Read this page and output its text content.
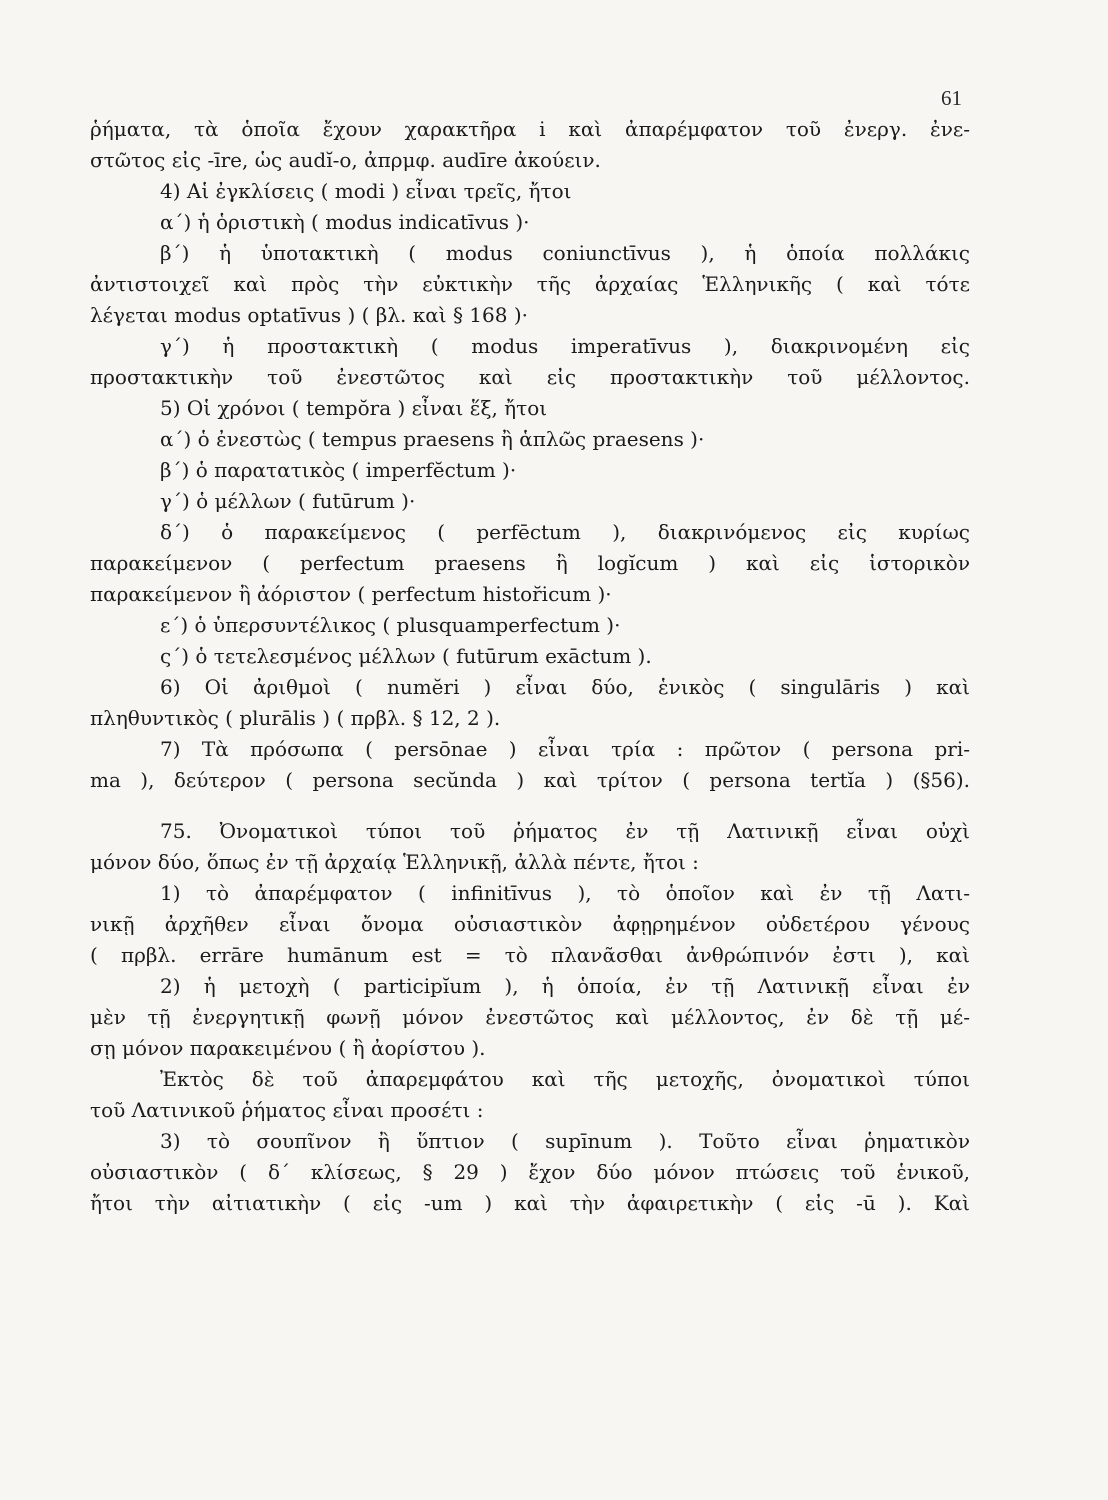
61
ῥήματα, τὰ ὁποῖα ἔχουν χαρακτῆρα i καὶ ἀπαρέμφατον τοῦ ἐνεργ. ἐνε-
στῶτος εἰς -īre, ὡς audĭ-o, ἀπρμφ. audīre ἀκούειν.
4) Αἱ ἐγκλίσεις ( modi ) εἶναι τρεῖς, ἤτοι
α΄) ἡ ὁριστικὴ ( modus indicatīvus )·
β΄) ἡ ὑποτακτικὴ ( modus coniunctīvus ), ἡ ὁποία πολλάκις
ἀντιστοιχεῖ καὶ πρὸς τὴν εὐκτικὴν τῆς ἀρχαίας Ἑλληνικῆς ( καὶ τότε
λέγεται modus optatīvus ) ( βλ. καὶ § 168 )·
γ΄) ἡ προστακτικὴ ( modus imperatīvus ), διακρινομένη εἰς
προστακτικὴν τοῦ ἐνεστῶτος καὶ εἰς προστακτικὴν τοῦ μέλλοντος.
5) Οἱ χρόνοι ( tempŏra ) εἶναι ἕξ, ἤτοι
α΄) ὁ ἐνεστὼς ( tempus praesens ἢ ἁπλῶς praesens )·
β΄) ὁ παρατατικὸς ( imperfĕctum )·
γ΄) ὁ μέλλων ( futūrum )·
δ΄) ὁ παρακείμενος ( perfēctum ), διακρινόμενος εἰς κυρίως
παρακείμενον ( perfectum praesens ἢ logĭcum ) καὶ εἰς ἱστορικὸν
παρακείμενον ἢ ἀόριστον ( perfectum histor̆icum )·
ε΄) ὁ ὑπερσυντέλικος ( plusquamperfectum )·
ς΄) ὁ τετελεσμένος μέλλων ( futūrum exāctum ).
6) Οἱ ἀριθμοὶ ( numĕri ) εἶναι δύο, ἑνικὸς ( singulāris ) καὶ
πληθυντικὸς ( plurālis ) ( πρβλ. § 12, 2 ).
7) Τὰ πρόσωπα ( persōnae ) εἶναι τρία : πρῶτον ( persona pri-
ma ), δεύτερον ( persona secŭnda ) καὶ τρίτον ( persona tertĭa ) (§56).
75. Ὀνοματικοὶ τύποι τοῦ ῥήματος ἐν τῇ Λατινικῇ εἶναι οὐχὶ
μόνον δύο, ὅπως ἐν τῇ ἀρχαίᾳ Ἑλληνικῇ, ἀλλὰ πέντε, ἤτοι :
1) τὸ ἀπαρέμφατον ( infinitīvus ), τὸ ὁποῖον καὶ ἐν τῇ Λατι-
νικῇ ἀρχῆθεν εἶναι ὄνομα οὐσιαστικὸν ἀφῃρημένον οὐδετέρου γένους
( πρβλ. errāre humānum est = τὸ πλανᾶσθαι ἀνθρώπινόν ἐστι ), καὶ
2) ἡ μετοχὴ ( participĭum ), ἡ ὁποία, ἐν τῇ Λατινικῇ εἶναι ἐν
μὲν τῇ ἐνεργητικῇ φωνῇ μόνον ἐνεστῶτος καὶ μέλλοντος, ἐν δὲ τῇ μέ-
σῃ μόνον παρακειμένου ( ἢ ἀορίστου ).
Ἐκτὸς δὲ τοῦ ἀπαρεμφάτου καὶ τῆς μετοχῆς, ὀνοματικοὶ τύποι
τοῦ Λατινικοῦ ῥήματος εἶναι προσέτι :
3) τὸ σουπῖνον ἢ ὕπτιον ( supīnum ). Τοῦτο εἶναι ῥηματικὸν
οὐσιαστικὸν ( δ΄ κλίσεως, § 29 ) ἔχον δύο μόνον πτώσεις τοῦ ἑνικοῦ,
ἤτοι τὴν αἰτιατικὴν ( εἰς -um ) καὶ τὴν ἀφαιρετικὴν ( εἰς -ū ). Καὶ
